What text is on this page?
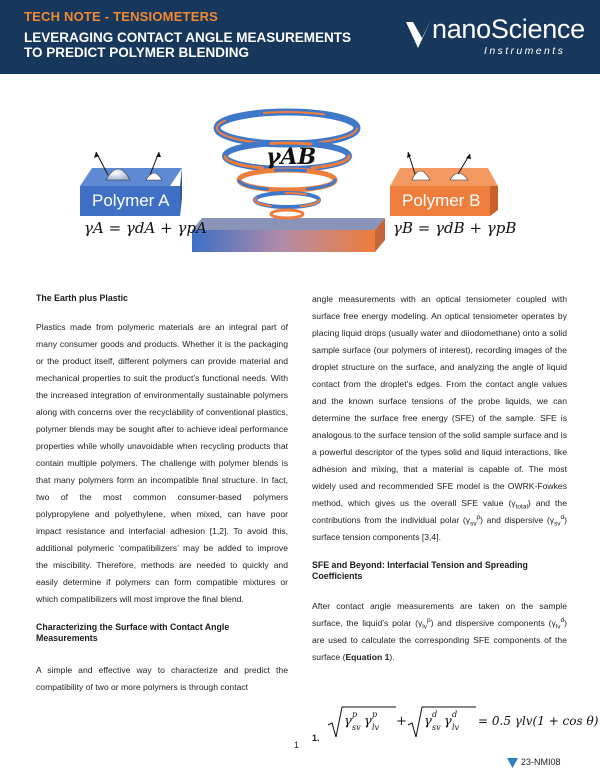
TECH NOTE - TENSIOMETERS
LEVERAGING CONTACT ANGLE MEASUREMENTS TO PREDICT POLYMER BLENDING
nanoScience
Instruments
γAB
Polymer A	Polymer B
γA = γdA + γpA	γB = γdB + γpB
The Earth plus Plastic

Plastics made from polymeric materials are an integral part of many consumer goods and products. Whether it is the packaging or the product itself, different polymers can provide material and mechanical properties to suit the product’s functional needs. With the increased integration of environmentally sustainable polymers along with concerns over the recyclability of conventional plastics, polymer blends may be sought after to achieve ideal performance properties while wholly unavoidable when recycling products that contain multiple polymers. The challenge with polymer blends is that many polymers form an incompatible final structure. In fact, two of the most common consumer-based polymers polypropylene and polyethylene, when mixed, can have poor impact resistance and interfacial adhesion [1,2]. To avoid this, additional polymeric ‘compatibilizers’ may be added to improve the miscibility. Therefore, methods are needed to quickly and easily determine if polymers can form compatible mixtures or which compatibilizers will most improve the final blend.

Characterizing the Surface with Contact Angle Measurements

A simple and effective way to characterize and predict the compatibility of two or more polymers is through contact

angle measurements with an optical tensiometer coupled with surface free energy modeling. An optical tensiometer operates by placing liquid drops (usually water and diiodomethane) onto a solid sample surface (our polymers of interest), recording images of the droplet structure on the surface, and analyzing the angle of liquid contact from the droplet’s edges. From the contact angle values and the known surface tensions of the probe liquids, we can determine the surface free energy (SFE) of the sample. SFE is analogous to the surface tension of the solid sample surface and is a powerful descriptor of the types solid and liquid interactions, like adhesion and mixing, that a material is capable of. The most widely used and recommended SFE model is the OWRK-Fowkes method, which gives us the overall SFE value $(\gamma_{total})$ and the contributions from the individual polar $(\gamma_{sv}^p)$ and dispersive $(\gamma_{sv}^d)$ surface tension components [3,4].

SFE and Beyond: Interfacial Tension and Spreading Coefficients

After contact angle measurements are taken on the sample surface, the liquid’s polar $(\gamma_{lv}^p)$ and dispersive components $(\gamma_{lv}^d)$ are used to calculate the corresponding SFE components of the surface (Equation 1).

1.
γ p
sv γ p
lv + γ d
sv γ d
lv = 0.5 γlv(1 + cos θ)
1
23-NMI08
